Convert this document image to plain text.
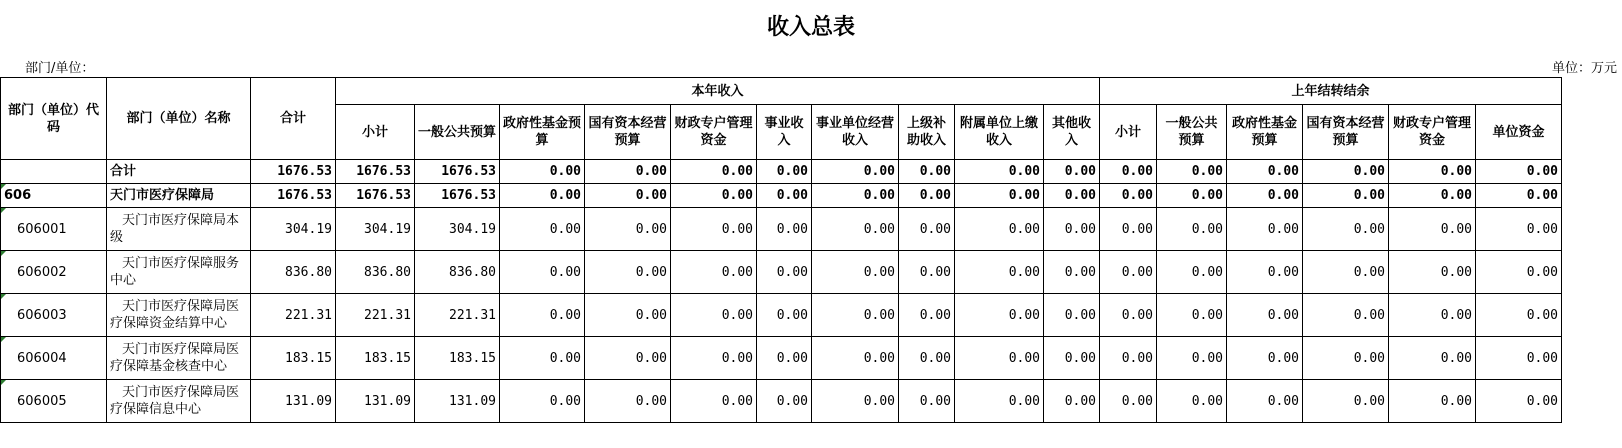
收入总表
部门/单位：	单位：万元
部门（单位）代码	部门（单位）名称	合计	本年收入										上年结转结余					
			小计	一般公共预算	政府性基金预算	国有资本经营预算	财政专户管理资金	事业收入	事业单位经营收入	上级补助收入	附属单位上缴收入	其他收入	小计	一般公共预算	政府性基金预算	国有资本经营预算	财政专户管理资金	单位资金
	合计	1676.53	1676.53	1676.53	0.00	0.00	0.00	0.00	0.00	0.00	0.00	0.00	0.00	0.00	0.00	0.00	0.00	0.00

606	天门市医疗保障局	1676.53	1676.53	1676.53	0.00	0.00	0.00	0.00	0.00	0.00	0.00	0.00	0.00	0.00	0.00	0.00	0.00	0.00

606001	天门市医疗保障局本级	304.19	304.19	304.19	0.00	0.00	0.00	0.00	0.00	0.00	0.00	0.00	0.00	0.00	0.00	0.00	0.00	0.00

606002	天门市医疗保障服务中心	836.80	836.80	836.80	0.00	0.00	0.00	0.00	0.00	0.00	0.00	0.00	0.00	0.00	0.00	0.00	0.00	0.00

606003	天门市医疗保障局医疗保障资金结算中心	221.31	221.31	221.31	0.00	0.00	0.00	0.00	0.00	0.00	0.00	0.00	0.00	0.00	0.00	0.00	0.00	0.00

606004	天门市医疗保障局医疗保障基金核查中心	183.15	183.15	183.15	0.00	0.00	0.00	0.00	0.00	0.00	0.00	0.00	0.00	0.00	0.00	0.00	0.00	0.00

606005	天门市医疗保障局医疗保障信息中心	131.09	131.09	131.09	0.00	0.00	0.00	0.00	0.00	0.00	0.00	0.00	0.00	0.00	0.00	0.00	0.00	0.00
